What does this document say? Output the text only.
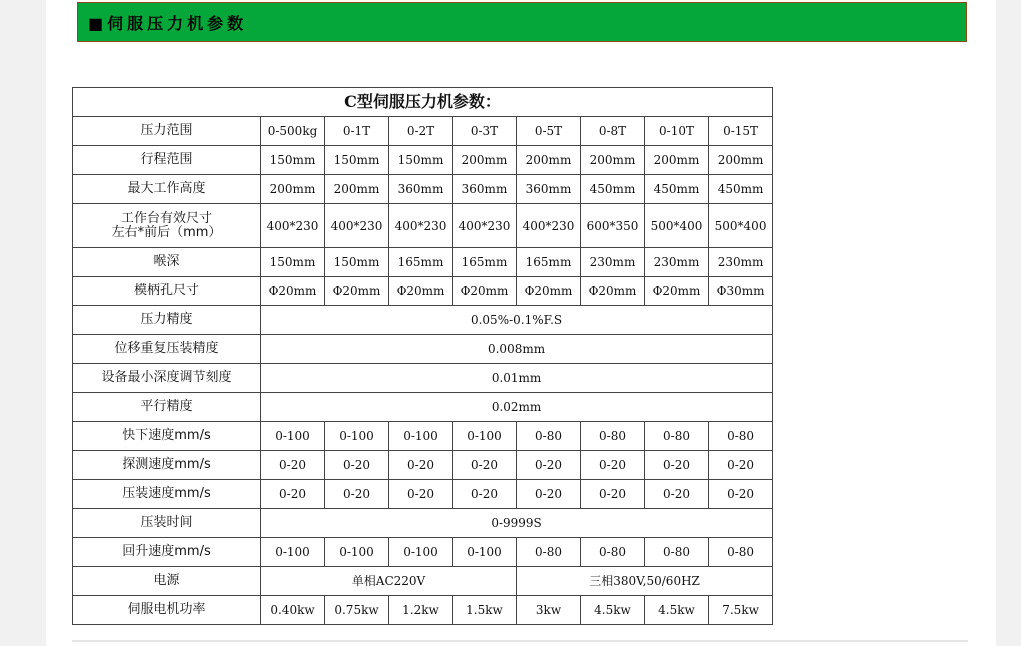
■伺服压力机参数
C型伺服压力机参数：								
压力范围	0-500kg	0-1T	0-2T	0-3T	0-5T	0-8T	0-10T	0-15T
行程范围	150mm	150mm	150mm	200mm	200mm	200mm	200mm	200mm
最大工作高度	200mm	200mm	360mm	360mm	360mm	450mm	450mm	450mm
工作台有效尺寸
左右*前后（mm）	400*230	400*230	400*230	400*230	400*230	600*350	500*400	500*400
喉深	150mm	150mm	165mm	165mm	165mm	230mm	230mm	230mm
模柄孔尺寸	Φ20mm	Φ20mm	Φ20mm	Φ20mm	Φ20mm	Φ20mm	Φ20mm	Φ30mm
压力精度	0.05%-0.1%F.S							
位移重复压装精度	0.008mm							
设备最小深度调节刻度	0.01mm							
平行精度	0.02mm							
快下速度mm/s	0-100	0-100	0-100	0-100	0-80	0-80	0-80	0-80
探测速度mm/s	0-20	0-20	0-20	0-20	0-20	0-20	0-20	0-20
压装速度mm/s	0-20	0-20	0-20	0-20	0-20	0-20	0-20	0-20
压装时间	0-9999S							
回升速度mm/s	0-100	0-100	0-100	0-100	0-80	0-80	0-80	0-80
电源	单相AC220V				三相380V,50/60HZ			
伺服电机功率	0.40kw	0.75kw	1.2kw	1.5kw	3kw	4.5kw	4.5kw	7.5kw
